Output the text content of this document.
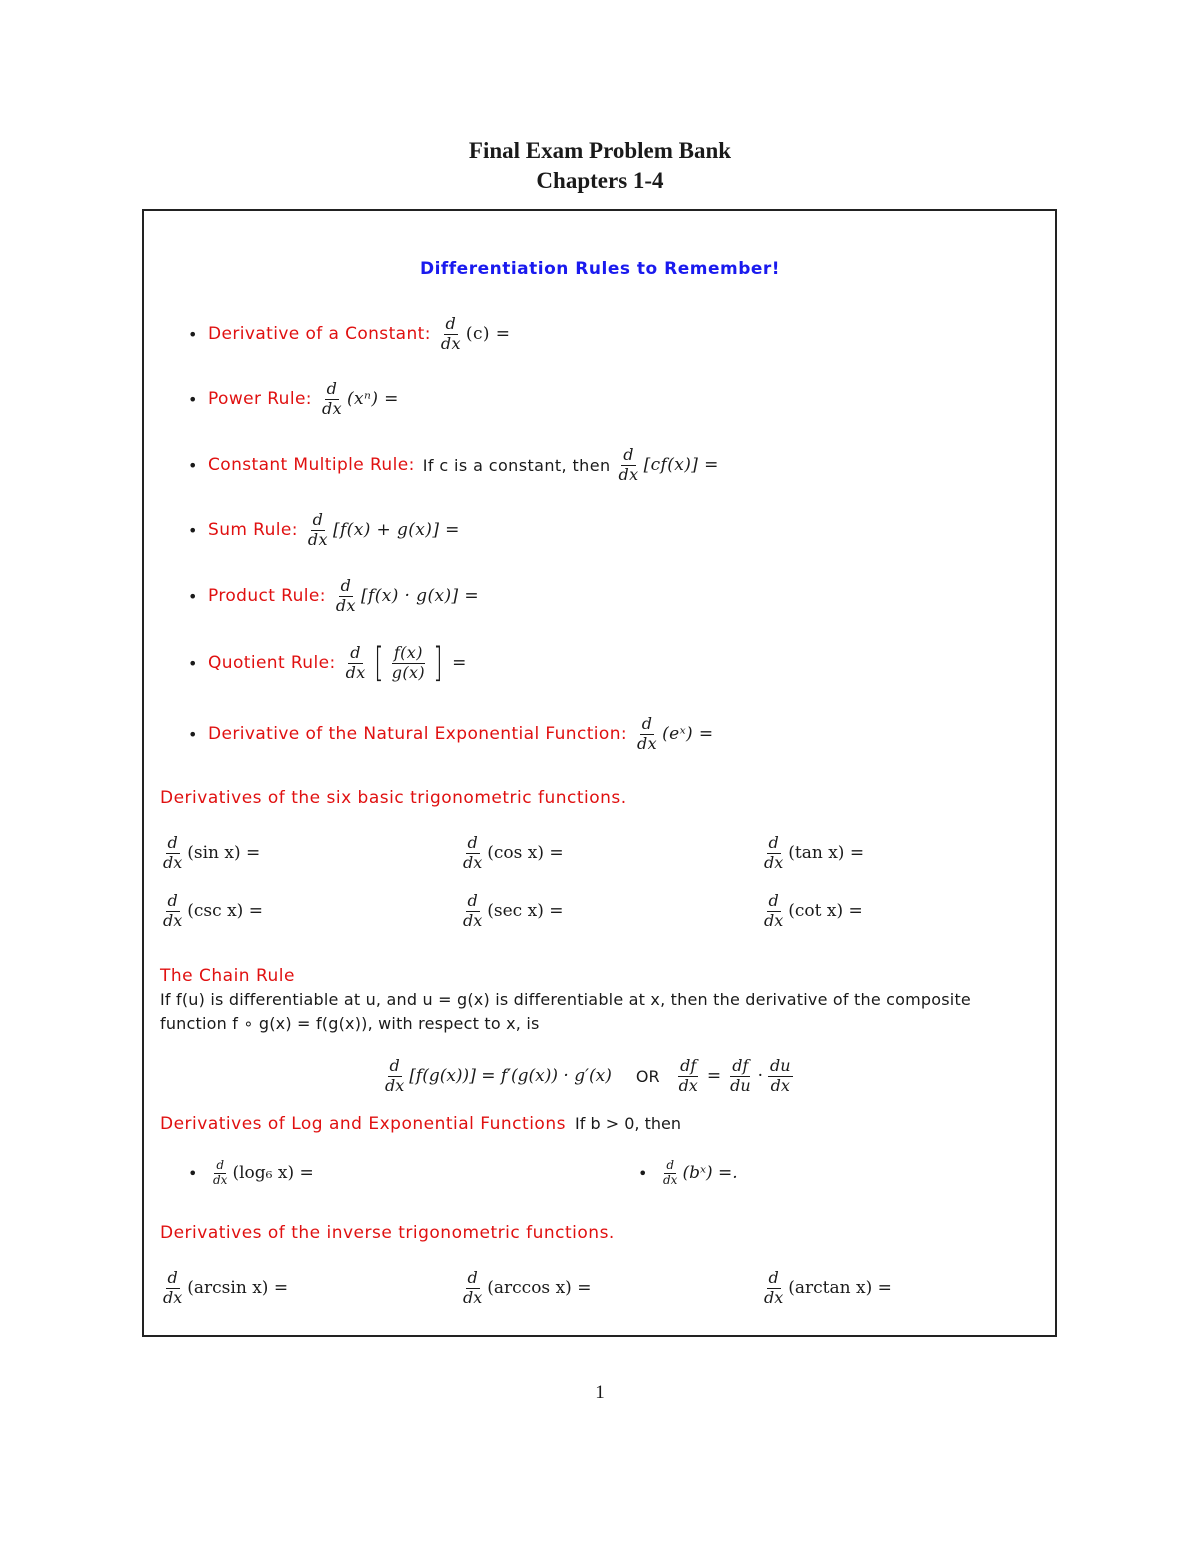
Final Exam Problem Bank
Chapters 1-4
Differentiation Rules to Remember!
• Derivative of a Constant: $\frac{d}{dx} (c)$ =
• Power Rule: $\frac{d}{dx} (x^n)$ =
• Constant Multiple Rule: If c is a constant, then $\frac{d}{dx} [cf(x)]$ =
• Sum Rule: $\frac{d}{dx} [f(x) + g(x)]$ =
• Product Rule: $\frac{d}{dx} [f(x) \cdot g(x)]$ =
• Quotient Rule: $\frac{d}{dx}$ [ $\frac{f(x)}{g(x)}$ ] =
• Derivative of the Natural Exponential Function: $\frac{d}{dx}$ (eˣ) =
Derivatives of the six basic trigonometric functions.
$\frac{d}{dx} (\sin$ x) =	$\frac{d}{dx} (\cos$ x) =	$\frac{d}{dx} (\tan$ x) =
$\frac{d}{dx} (\csc$ x) =	$\frac{d}{dx} (\sec$ x) =	$\frac{d}{dx} (\cot$ x) =
The Chain Rule
If f(u) is differentiable at u, and u = g(x) is differentiable at x, then the derivative of the composite
function f ∘ g(x) = f(g(x)), with respect to x, is
$\frac{d}{dx} [f(g(x))] = f'(g(x)) \cdot g'(x)$ OR $\frac{df}{dx} = \frac{df}{du} \cdot \frac{du}{dx}$
Derivatives of Log and Exponential Functions If b > 0, then
•	$\frac{d}{dx} (\log_6$ x) =	•	$\frac{d}{dx}$ (bˣ) =.
Derivatives of the inverse trigonometric functions.
$\frac{d}{dx} (\arcsin$ x) =	$\frac{d}{dx} (\arccos$ x) =	$\frac{d}{dx} (\arctan$ x) =
1
